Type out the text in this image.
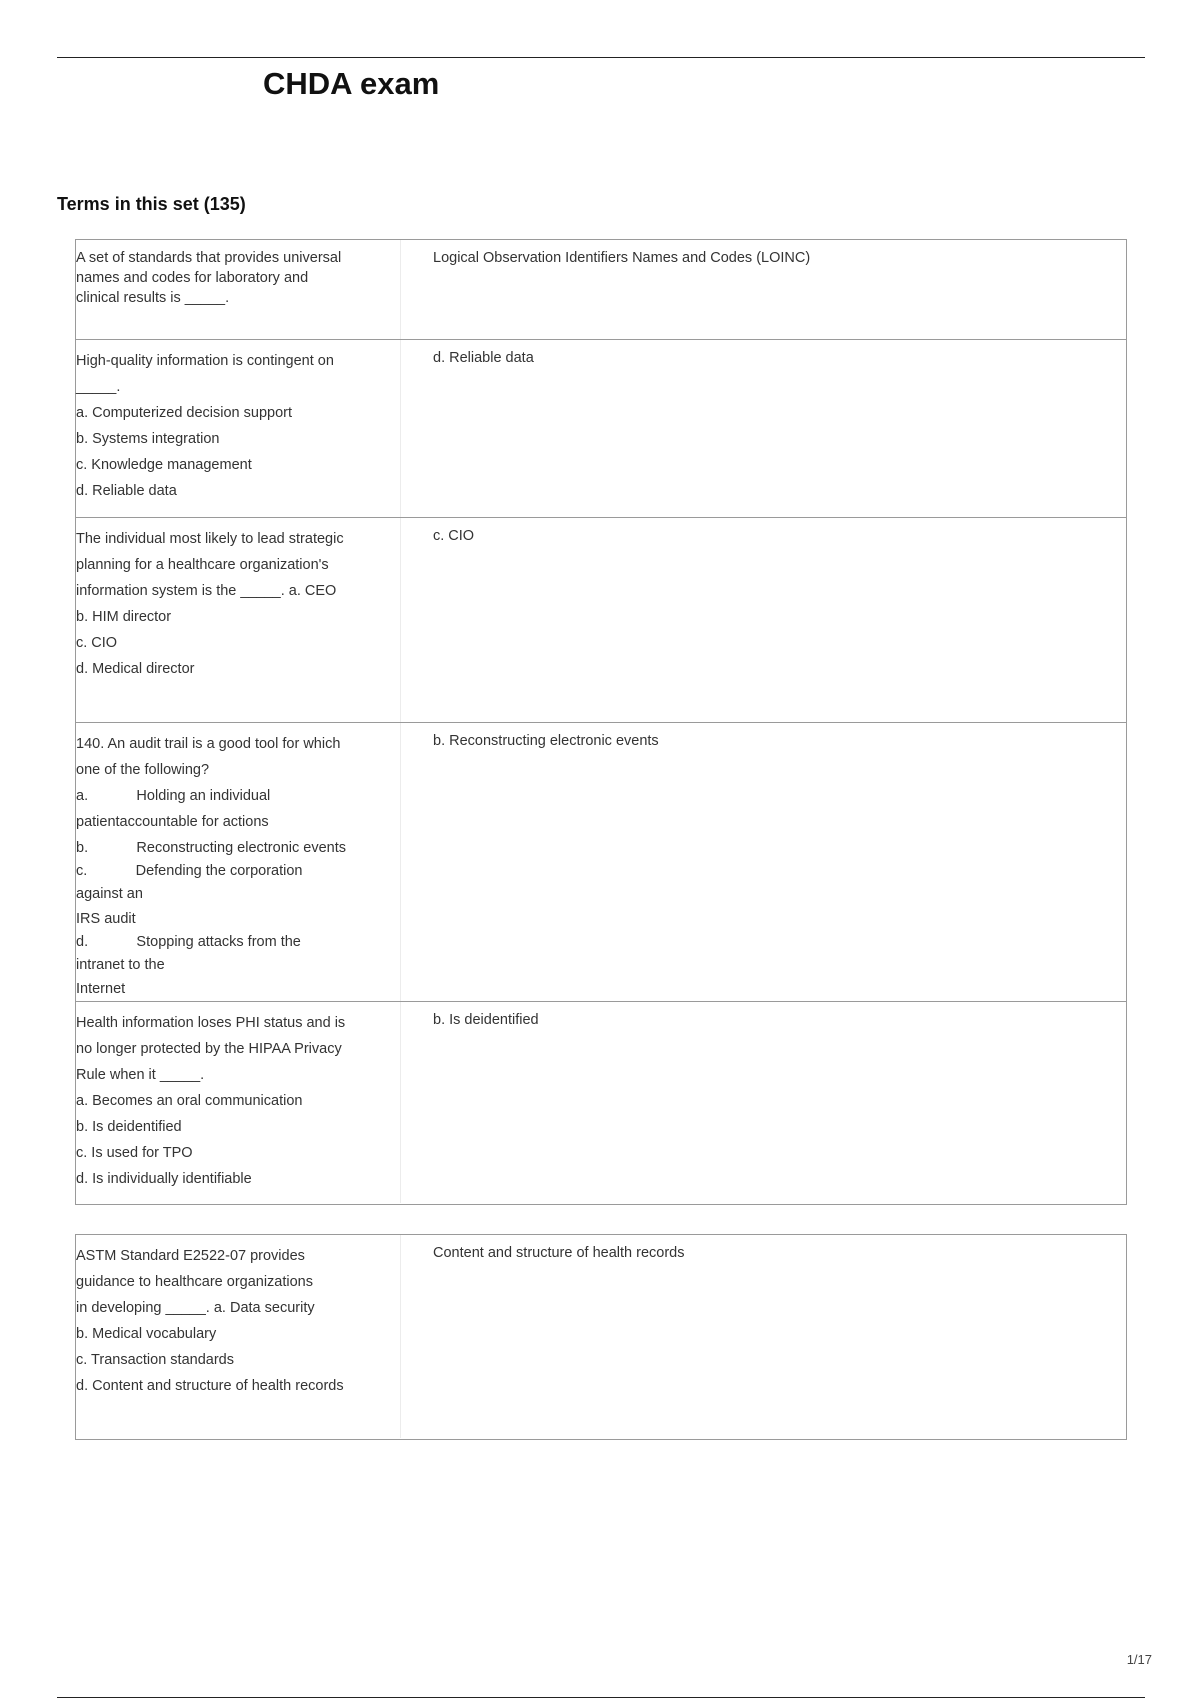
CHDA exam
Terms in this set (135)
A set of standards that provides universal
names and codes for laboratory and
clinical results is _____.
Logical Observation Identifiers Names and Codes (LOINC)
High-quality information is contingent on
_____.
a. Computerized decision support
b. Systems integration
c. Knowledge management
d. Reliable data
d. Reliable data
The individual most likely to lead strategic
planning for a healthcare organization's
information system is the _____. a. CEO
b. HIM director
c. CIO
d. Medical director
c. CIO
140. An audit trail is a good tool for which
one of the following?
a.            Holding an individual
patientaccountable for actions
b.            Reconstructing electronic events
c.            Defending the corporation
against an
IRS audit
d.            Stopping attacks from the
intranet to the
Internet
b. Reconstructing electronic events
Health information loses PHI status and is
no longer protected by the HIPAA Privacy
Rule when it _____.
a. Becomes an oral communication
b. Is deidentified
c. Is used for TPO
d. Is individually identifiable
b. Is deidentified
ASTM Standard E2522-07 provides
guidance to healthcare organizations
in developing _____. a. Data security
b. Medical vocabulary
c. Transaction standards
d. Content and structure of health records
Content and structure of health records
1/17
